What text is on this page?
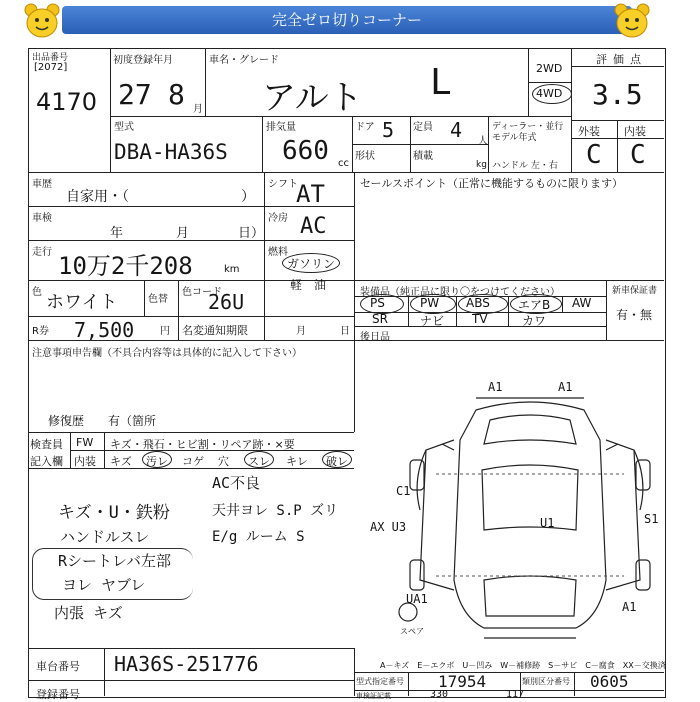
完全ゼロ切りコーナー
出品番号
[2072]
4170
初度登録年月
27 8 月
車名・グレード
アルト L	2WD
4WD
評価点
3.5
外装 内装
C C
型式
DBA-HA36S
排気量
660 cc
ドア 5 定員 4 人
形状	積載
kg
ディーラー・並行
モデル年式
ハンドル 左・右
車歴
自家用・（　　　　　　　　）
シフト
AT
車検
年	月	日）
冷房 AC
走行 10万2千208	km
燃料
ガソリン
軽　油
色 ホワイト	色替
色コード
26U
R券 7,500	円 名変通知期限	月	日
セールスポイント（正常に機能するものに限ります）
装備品（純正品に限り〇をつけてください）	新車保証書
有・無
PS	PW ABS エアB AW
SR	ナビ TV	カワ
後日品
注意事項申告欄（不具合内容等は具体的に記入して下さい）
修復歴　　有（箇所
検査員
記入欄
FW キズ・飛石・ヒビ割・リペア跡・×要
内装 キズ 汚レ コゲ 穴 スレ キレ 破レ
AC不良
キズ・U・鉄粉
ハンドルスレ
Rシートレバ左部
ヨレ ヤブレ
内張 キズ
天井ヨレ S.P ズリ
E/g ルーム S
A1	A1
C1
AX U3	U1	S1
UA1
A1
スペア
A－キズ　E－エクボ　U－凹み　W－補修跡　S－サビ　C－腐食　XX－交換済
車台番号 HA36S-251776
登録番号
型式指定番号 17954	類別区分番号 0605
車検証記載	330	117
